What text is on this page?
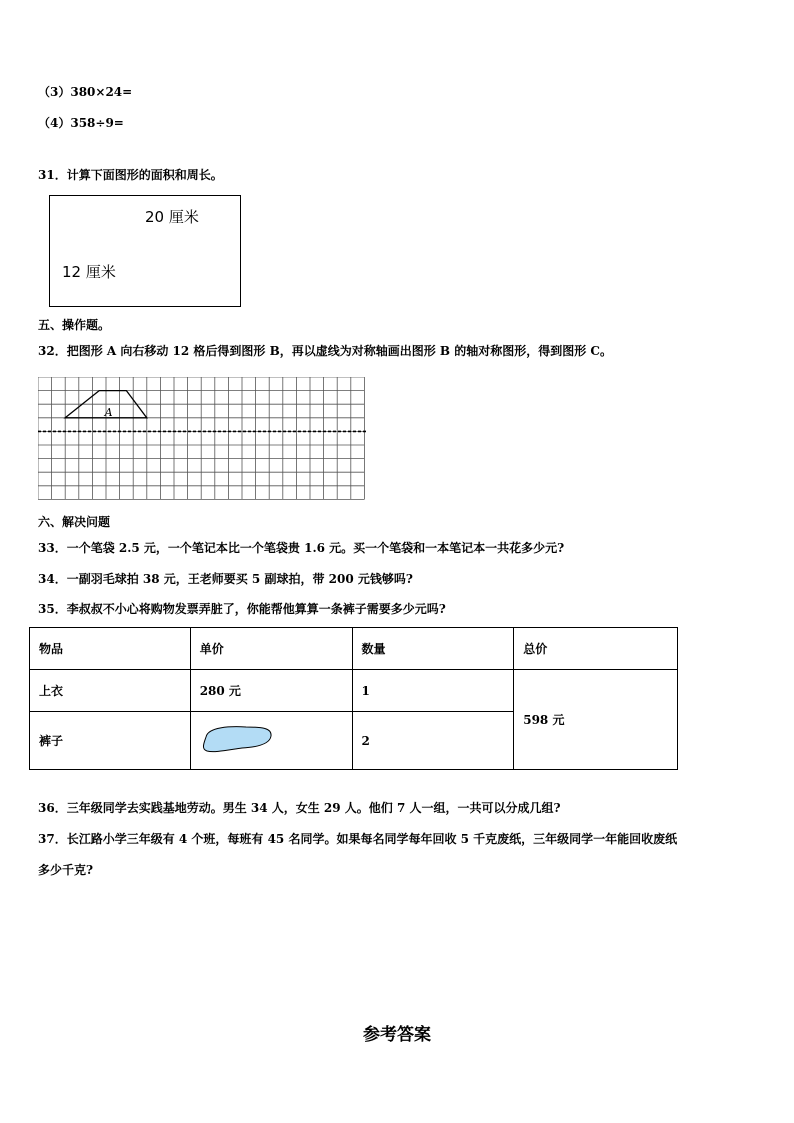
（3）380×24=
（4）358÷9=
31．计算下面图形的面积和周长。
20 厘米
12 厘米
五、操作题。
32．把图形 A 向右移动 12 格后得到图形 B，再以虚线为对称轴画出图形 B 的轴对称图形，得到图形 C。
A
六、解决问题
33．一个笔袋 2.5 元，一个笔记本比一个笔袋贵 1.6 元。买一个笔袋和一本笔记本一共花多少元?
34．一副羽毛球拍 38 元，王老师要买 5 副球拍，带 200 元钱够吗?
35．李叔叔不小心将购物发票弄脏了，你能帮他算算一条裤子需要多少元吗?
物品	单价	数量	总价
上衣	280 元	1	598 元
裤子		2	
36．三年级同学去实践基地劳动。男生 34 人，女生 29 人。他们 7 人一组，一共可以分成几组?
37．长江路小学三年级有 4 个班，每班有 45 名同学。如果每名同学每年回收 5 千克废纸，三年级同学一年能回收废纸
多少千克?
参考答案
